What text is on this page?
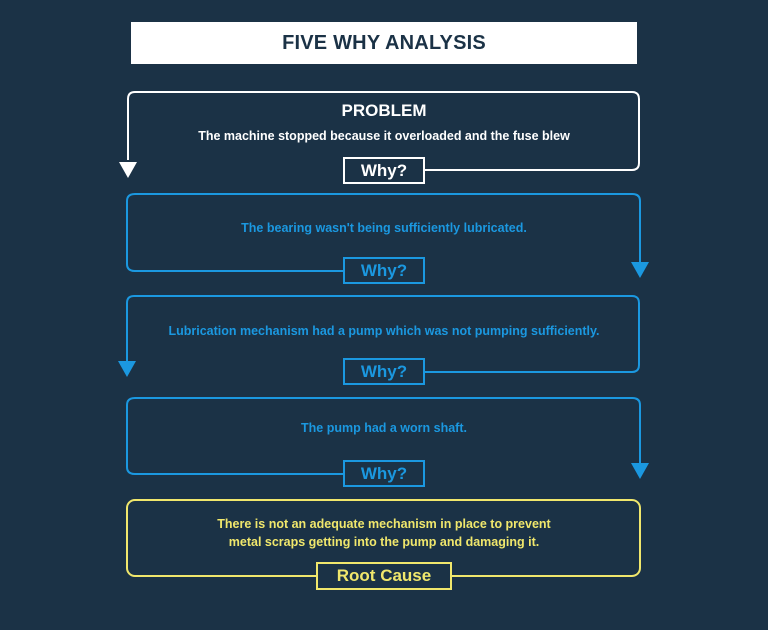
FIVE WHY ANALYSIS
PROBLEM
The machine stopped because it overloaded and the fuse blew
Why?
The bearing wasn't being sufficiently lubricated.
Why?
Lubrication mechanism had a pump which was not pumping sufficiently.
Why?
The pump had a worn shaft.
Why?
There is not an adequate mechanism in place to prevent
metal scraps getting into the pump and damaging it.
Root Cause
